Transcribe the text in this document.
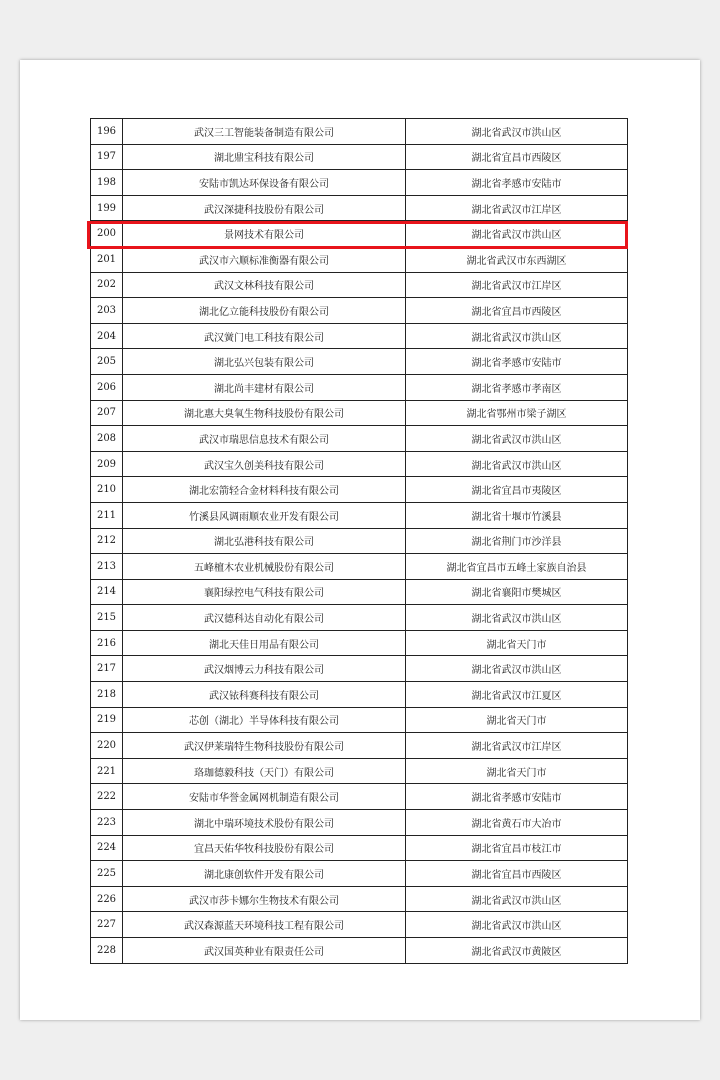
196	武汉三工智能装备制造有限公司	湖北省武汉市洪山区
197	湖北鼎宝科技有限公司	湖北省宜昌市西陵区
198	安陆市凯达环保设备有限公司	湖北省孝感市安陆市
199	武汉深捷科技股份有限公司	湖北省武汉市江岸区
200	景网技术有限公司	湖北省武汉市洪山区
201	武汉市六顺标准衡器有限公司	湖北省武汉市东西湖区
202	武汉文林科技有限公司	湖北省武汉市江岸区
203	湖北亿立能科技股份有限公司	湖北省宜昌市西陵区
204	武汉黉门电工科技有限公司	湖北省武汉市洪山区
205	湖北弘兴包装有限公司	湖北省孝感市安陆市
206	湖北尚丰建材有限公司	湖北省孝感市孝南区
207	湖北惠大臭氧生物科技股份有限公司	湖北省鄂州市梁子湖区
208	武汉市瑞思信息技术有限公司	湖北省武汉市洪山区
209	武汉宝久创美科技有限公司	湖北省武汉市洪山区
210	湖北宏箭轻合金材料科技有限公司	湖北省宜昌市夷陵区
211	竹溪县风调雨顺农业开发有限公司	湖北省十堰市竹溪县
212	湖北弘港科技有限公司	湖北省荆门市沙洋县
213	五峰檀木农业机械股份有限公司	湖北省宜昌市五峰土家族自治县
214	襄阳绿控电气科技有限公司	湖北省襄阳市樊城区
215	武汉德科达自动化有限公司	湖北省武汉市洪山区
216	湖北天佳日用品有限公司	湖北省天门市
217	武汉烟博云力科技有限公司	湖北省武汉市洪山区
218	武汉铱科赛科技有限公司	湖北省武汉市江夏区
219	芯创（湖北）半导体科技有限公司	湖北省天门市
220	武汉伊莱瑞特生物科技股份有限公司	湖北省武汉市江岸区
221	珞珈德毅科技（天门）有限公司	湖北省天门市
222	安陆市华誉金属网机制造有限公司	湖北省孝感市安陆市
223	湖北中瑞环境技术股份有限公司	湖北省黄石市大冶市
224	宜昌天佑华牧科技股份有限公司	湖北省宜昌市枝江市
225	湖北康创软件开发有限公司	湖北省宜昌市西陵区
226	武汉市莎卡娜尔生物技术有限公司	湖北省武汉市洪山区
227	武汉森源蓝天环境科技工程有限公司	湖北省武汉市洪山区
228	武汉国英种业有限责任公司	湖北省武汉市黄陂区
